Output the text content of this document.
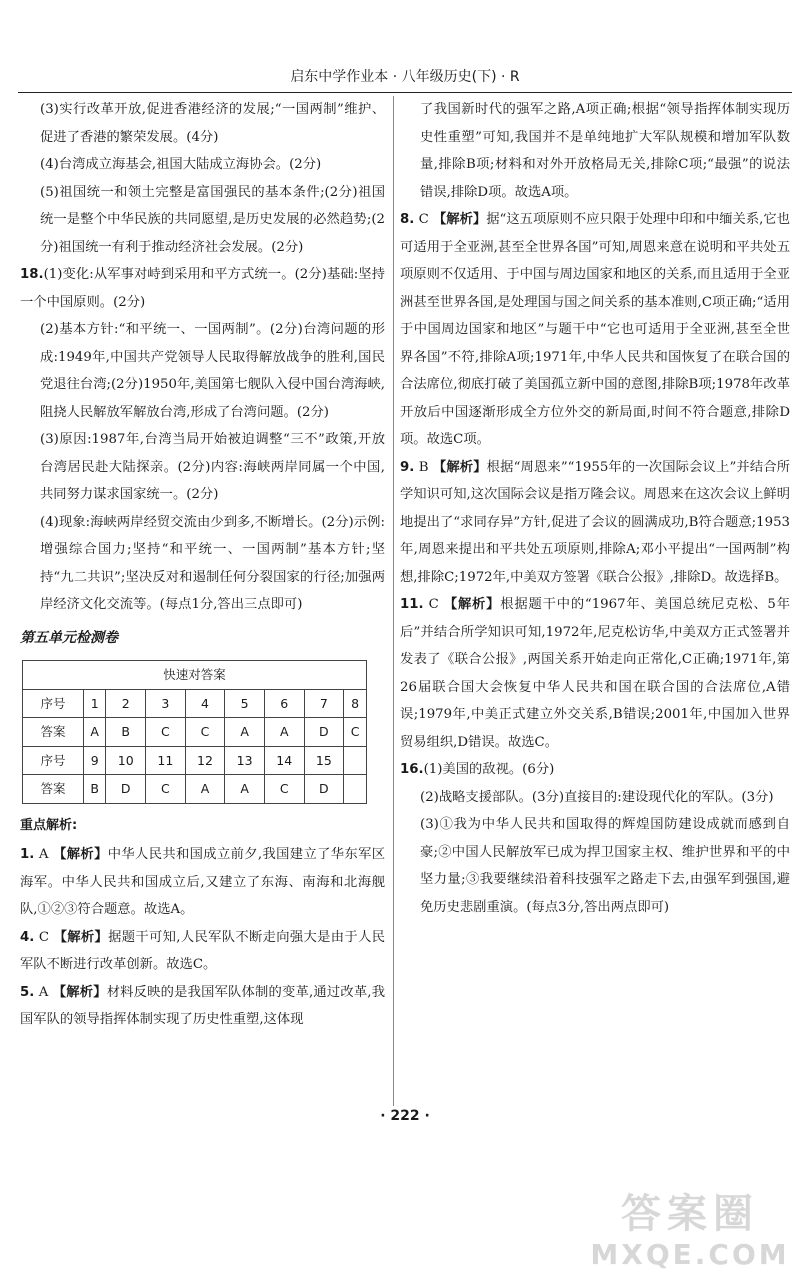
启东中学作业本 · 八年级历史(下) · R

(3)实行改革开放,促进香港经济的发展;“一国两制”维护、促进了香港的繁荣发展。(4分)

(4)台湾成立海基会,祖国大陆成立海协会。(2分)

(5)祖国统一和领土完整是富国强民的基本条件;(2分)祖国统一是整个中华民族的共同愿望,是历史发展的必然趋势;(2分)祖国统一有利于推动经济社会发展。(2分)

18.(1)变化:从军事对峙到采用和平方式统一。(2分)基础:坚持一个中国原则。(2分)

(2)基本方针:“和平统一、一国两制”。(2分)台湾问题的形成:1949年,中国共产党领导人民取得解放战争的胜利,国民党退往台湾;(2分)1950年,美国第七舰队入侵中国台湾海峡,阻挠人民解放军解放台湾,形成了台湾问题。(2分)

(3)原因:1987年,台湾当局开始被迫调整“三不”政策,开放台湾居民赴大陆探亲。(2分)内容:海峡两岸同属一个中国,共同努力谋求国家统一。(2分)

(4)现象:海峡两岸经贸交流由少到多,不断增长。(2分)示例:增强综合国力;坚持“和平统一、一国两制”基本方针;坚持“九二共识”;坚决反对和遏制任何分裂国家的行径;加强两岸经济文化交流等。(每点1分,答出三点即可)

第五单元检测卷
快速对答案								
序号	1	2	3	4	5	6	7	8
答案	A	B	C	C	A	A	D	C
序号	9	10	11	12	13	14	15	
答案	B	D	C	A	A	C	D	
重点解析:

1. A 【解析】中华人民共和国成立前夕,我国建立了华东军区海军。中华人民共和国成立后,又建立了东海、南海和北海舰队,①②③符合题意。故选A。

4. C 【解析】据题干可知,人民军队不断走向强大是由于人民军队不断进行改革创新。故选C。

5. A 【解析】材料反映的是我国军队体制的变革,通过改革,我国军队的领导指挥体制实现了历史性重塑,这体现

了我国新时代的强军之路,A项正确;根据“领导指挥体制实现历史性重塑”可知,我国并不是单纯地扩大军队规模和增加军队数量,排除B项;材料和对外开放格局无关,排除C项;“最强”的说法错误,排除D项。故选A项。

8. C 【解析】据“这五项原则不应只限于处理中印和中缅关系,它也可适用于全亚洲,甚至全世界各国”可知,周恩来意在说明和平共处五项原则不仅适用、于中国与周边国家和地区的关系,而且适用于全亚洲甚至世界各国,是处理国与国之间关系的基本准则,C项正确;“适用于中国周边国家和地区”与题干中“它也可适用于全亚洲,甚至全世界各国”不符,排除A项;1971年,中华人民共和国恢复了在联合国的合法席位,彻底打破了美国孤立新中国的意图,排除B项;1978年改革开放后中国逐渐形成全方位外交的新局面,时间不符合题意,排除D项。故选C项。

9. B 【解析】根据“周恩来”“1955年的一次国际会议上”并结合所学知识可知,这次国际会议是指万隆会议。周恩来在这次会议上鲜明地提出了“求同存异”方针,促进了会议的圆满成功,B符合题意;1953年,周恩来提出和平共处五项原则,排除A;邓小平提出“一国两制”构想,排除C;1972年,中美双方签署《联合公报》,排除D。故选择B。

11. C 【解析】根据题干中的“1967年、美国总统尼克松、5年后”并结合所学知识可知,1972年,尼克松访华,中美双方正式签署并发表了《联合公报》,两国关系开始走向正常化,C正确;1971年,第26届联合国大会恢复中华人民共和国在联合国的合法席位,A错误;1979年,中美正式建立外交关系,B错误;2001年,中国加入世界贸易组织,D错误。故选C。

16.(1)美国的敌视。(6分)

(2)战略支援部队。(3分)直接目的:建设现代化的军队。(3分)

(3)①我为中华人民共和国取得的辉煌国防建设成就而感到自豪;②中国人民解放军已成为捍卫国家主权、维护世界和平的中坚力量;③我要继续沿着科技强军之路走下去,由强军到强国,避免历史悲剧重演。(每点3分,答出两点即可)

· 222 ·
答案圈
MXQE.COM
